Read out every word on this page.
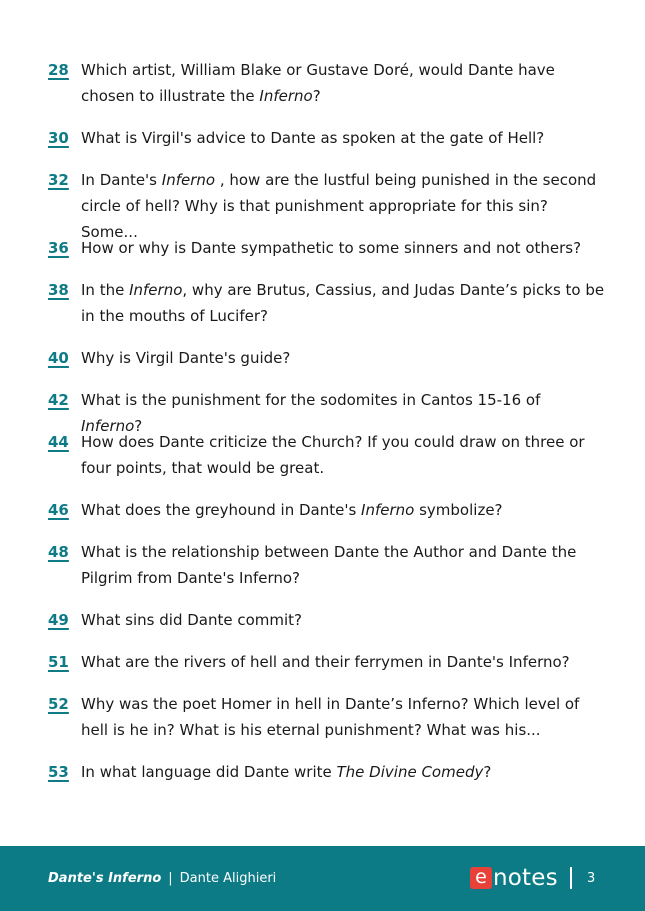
28 Which artist, William Blake or Gustave Doré, would Dante have chosen to illustrate the Inferno?
30 What is Virgil's advice to Dante as spoken at the gate of Hell?
32 In Dante's Inferno , how are the lustful being punished in the second circle of hell? Why is that punishment appropriate for this sin? Some...
36 How or why is Dante sympathetic to some sinners and not others?
38 In the Inferno, why are Brutus, Cassius, and Judas Dante’s picks to be in the mouths of Lucifer?
40 Why is Virgil Dante's guide?
42 What is the punishment for the sodomites in Cantos 15-16 of Inferno?
44 How does Dante criticize the Church? If you could draw on three or four points, that would be great.
46 What does the greyhound in Dante's Inferno symbolize?
48 What is the relationship between Dante the Author and Dante the Pilgrim from Dante's Inferno?
49 What sins did Dante commit?
51 What are the rivers of hell and their ferrymen in Dante's Inferno?
52 Why was the poet Homer in hell in Dante’s Inferno? Which level of hell is he in? What is his eternal punishment? What was his...
53 In what language did Dante write The Divine Comedy?
Dante's Inferno | Dante Alighieri	e notes 3
